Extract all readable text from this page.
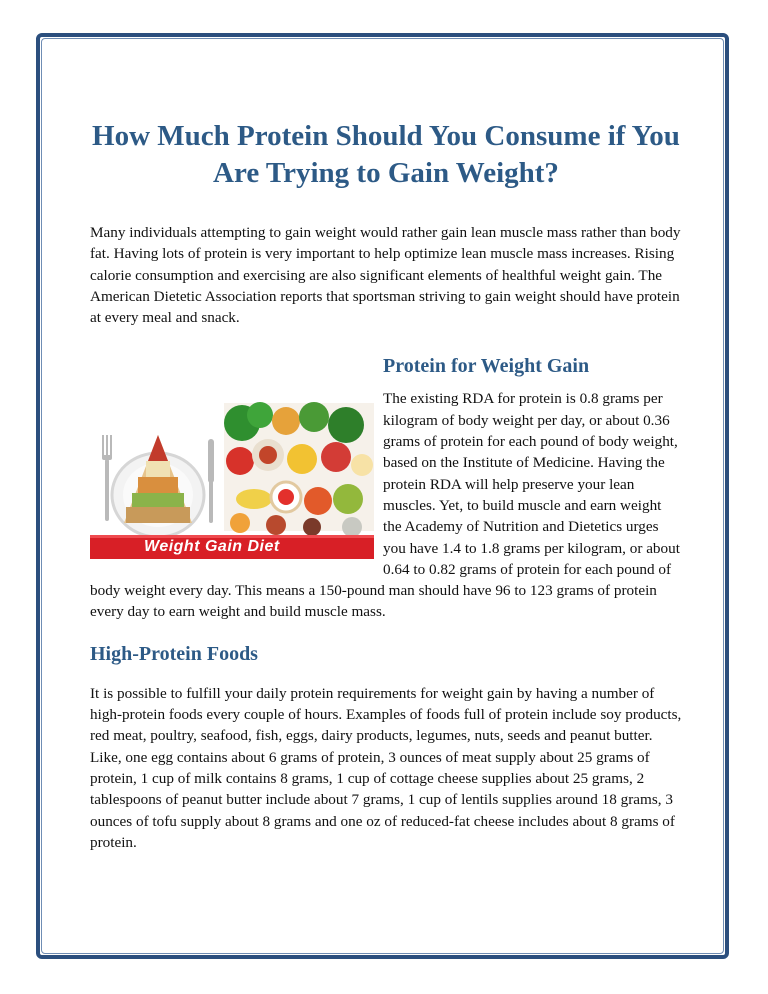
How Much Protein Should You Consume if You Are Trying to Gain Weight?

Many individuals attempting to gain weight would rather gain lean muscle mass rather than body fat. Having lots of protein is very important to help optimize lean muscle mass increases. Rising calorie consumption and exercising are also significant elements of healthful weight gain. The American Dietetic Association reports that sportsman striving to gain weight should have protein at every meal and snack.

Protein for Weight Gain
Weight Gain Diet

The existing RDA for protein is 0.8 grams per kilogram of body weight per day, or about 0.36 grams of protein for each pound of body weight, based on the Institute of Medicine. Having the protein RDA will help preserve your lean muscles. Yet, to build muscle and earn weight the Academy of Nutrition and Dietetics urges you have 1.4 to 1.8 grams per kilogram, or about 0.64 to 0.82 grams of protein for each pound of body weight every day. This means a 150-pound man should have 96 to 123 grams of protein every day to earn weight and build muscle mass.

High-Protein Foods

It is possible to fulfill your daily protein requirements for weight gain by having a number of high-protein foods every couple of hours. Examples of foods full of protein include soy products, red meat, poultry, seafood, fish, eggs, dairy products, legumes, nuts, seeds and peanut butter. Like, one egg contains about 6 grams of protein, 3 ounces of meat supply about 25 grams of protein, 1 cup of milk contains 8 grams, 1 cup of cottage cheese supplies about 25 grams, 2 tablespoons of peanut butter include about 7 grams, 1 cup of lentils supplies around 18 grams, 3 ounces of tofu supply about 8 grams and one oz of reduced-fat cheese includes about 8 grams of protein.
